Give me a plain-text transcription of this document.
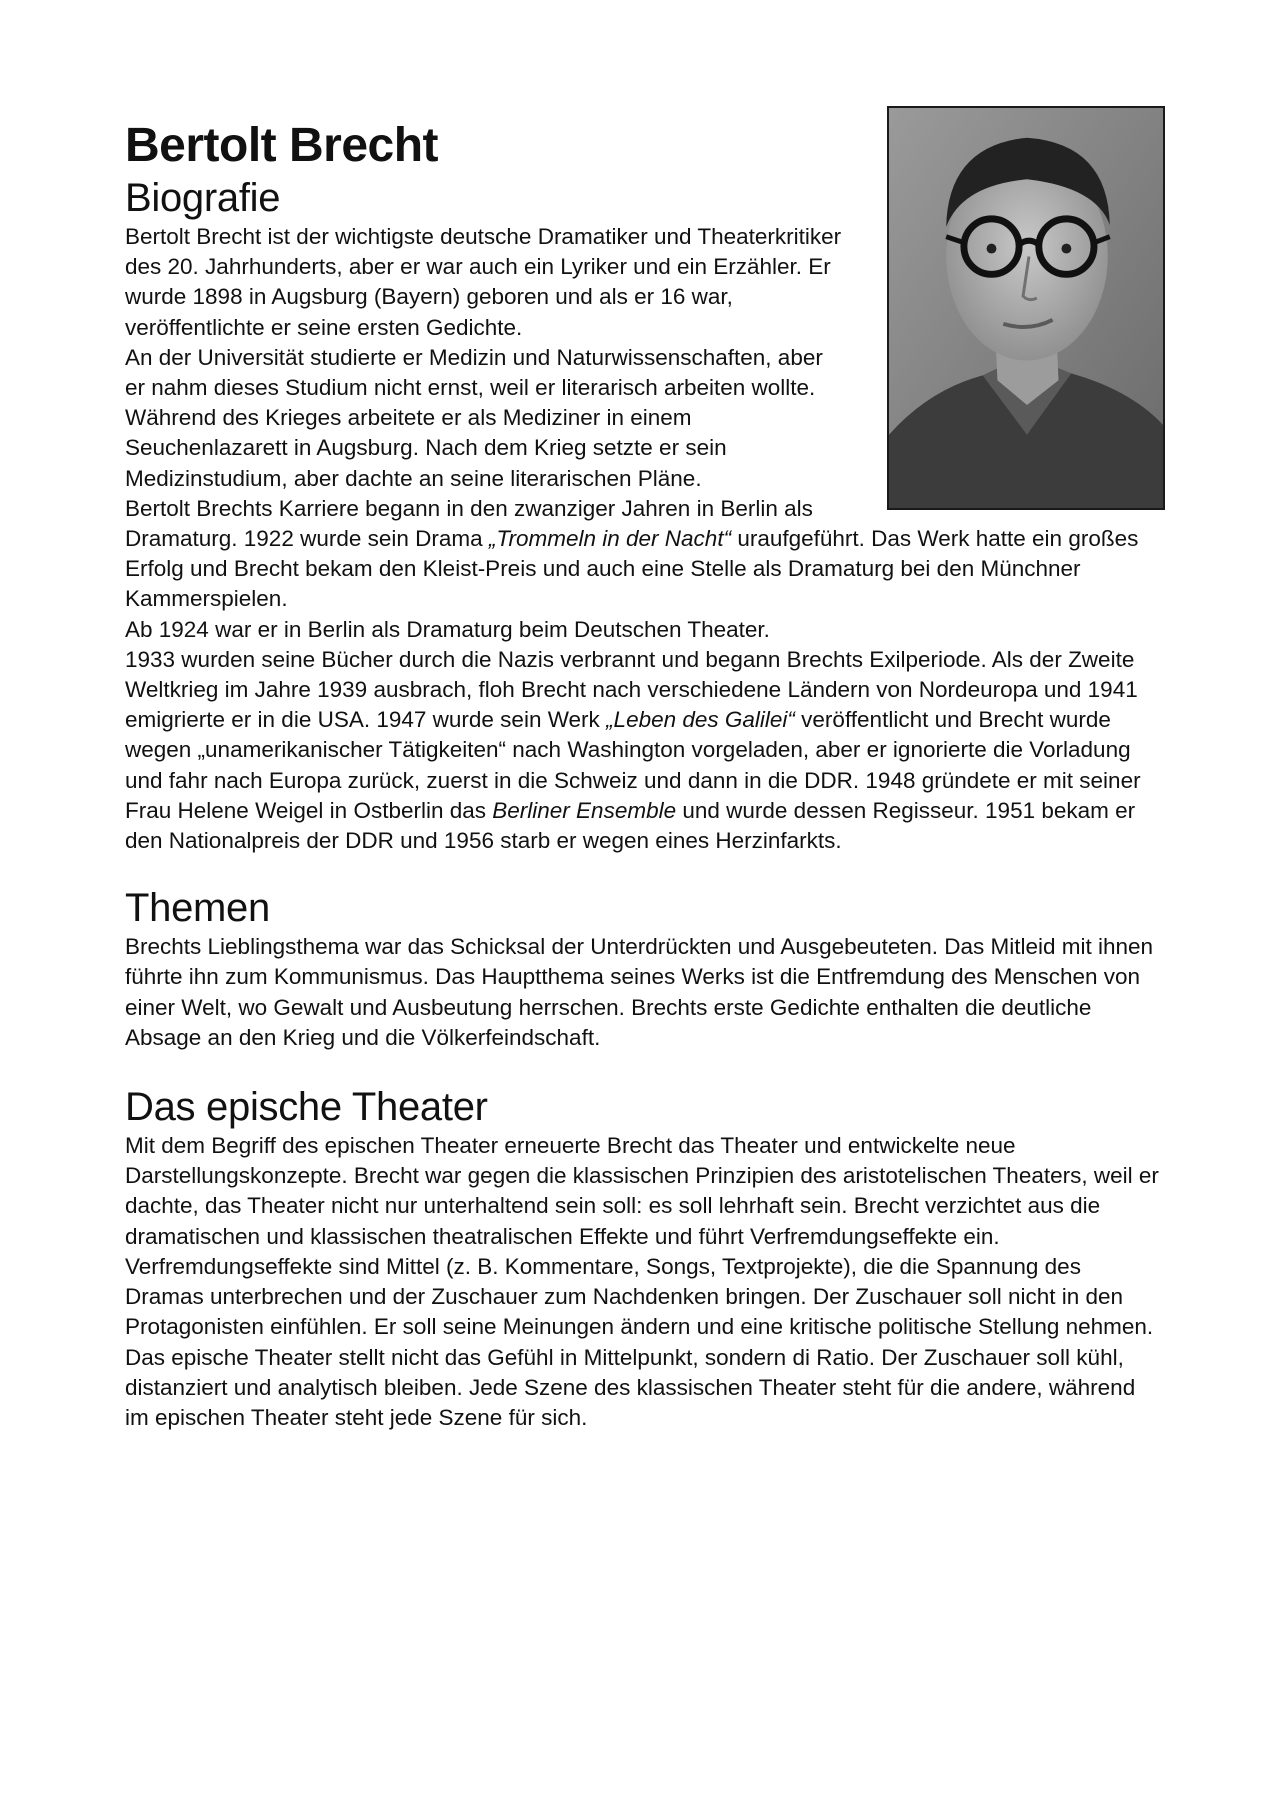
Bertolt Brecht
Biografie

Bertolt Brecht ist der wichtigste deutsche Dramatiker und Theaterkritiker des 20. Jahrhunderts, aber er war auch ein Lyriker und ein Erzähler. Er wurde 1898 in Augsburg (Bayern) geboren und als er 16 war, veröffentlichte er seine ersten Gedichte.

An der Universität studierte er Medizin und Naturwissenschaften, aber er nahm dieses Studium nicht ernst, weil er literarisch arbeiten wollte. Während des Krieges arbeitete er als Mediziner in einem Seuchenlazarett in Augsburg. Nach dem Krieg setzte er sein Medizinstudium, aber dachte an seine literarischen Pläne.

Bertolt Brechts Karriere begann in den zwanziger Jahren in Berlin als Dramaturg. 1922 wurde sein Drama „Trommeln in der Nacht“ uraufgeführt. Das Werk hatte ein großes Erfolg und Brecht bekam den Kleist-Preis und auch eine Stelle als Dramaturg bei den Münchner Kammerspielen.

Ab 1924 war er in Berlin als Dramaturg beim Deutschen Theater.

1933 wurden seine Bücher durch die Nazis verbrannt und begann Brechts Exilperiode. Als der Zweite Weltkrieg im Jahre 1939 ausbrach, floh Brecht nach verschiedene Ländern von Nordeuropa und 1941 emigrierte er in die USA. 1947 wurde sein Werk „Leben des Galilei“ veröffentlicht und Brecht wurde wegen „unamerikanischer Tätigkeiten“ nach Washington vorgeladen, aber er ignorierte die Vorladung und fahr nach Europa zurück, zuerst in die Schweiz und dann in die DDR. 1948 gründete er mit seiner Frau Helene Weigel in Ostberlin das Berliner Ensemble und wurde dessen Regisseur. 1951 bekam er den Nationalpreis der DDR und 1956 starb er wegen eines Herzinfarkts.

Themen

Brechts Lieblingsthema war das Schicksal der Unterdrückten und Ausgebeuteten. Das Mitleid mit ihnen führte ihn zum Kommunismus. Das Hauptthema seines Werks ist die Entfremdung des Menschen von einer Welt, wo Gewalt und Ausbeutung herrschen. Brechts erste Gedichte enthalten die deutliche Absage an den Krieg und die Völkerfeindschaft.

Das epische Theater

Mit dem Begriff des epischen Theater erneuerte Brecht das Theater und entwickelte neue Darstellungskonzepte. Brecht war gegen die klassischen Prinzipien des aristotelischen Theaters, weil er dachte, das Theater nicht nur unterhaltend sein soll: es soll lehrhaft sein. Brecht verzichtet aus die dramatischen und klassischen theatralischen Effekte und führt Verfremdungseffekte ein. Verfremdungseffekte sind Mittel (z. B. Kommentare, Songs, Textprojekte), die die Spannung des Dramas unterbrechen und der Zuschauer zum Nachdenken bringen. Der Zuschauer soll nicht in den Protagonisten einfühlen. Er soll seine Meinungen ändern und eine kritische politische Stellung nehmen.

Das epische Theater stellt nicht das Gefühl in Mittelpunkt, sondern di Ratio. Der Zuschauer soll kühl, distanziert und analytisch bleiben. Jede Szene des klassischen Theater steht für die andere, während im epischen Theater steht jede Szene für sich.
